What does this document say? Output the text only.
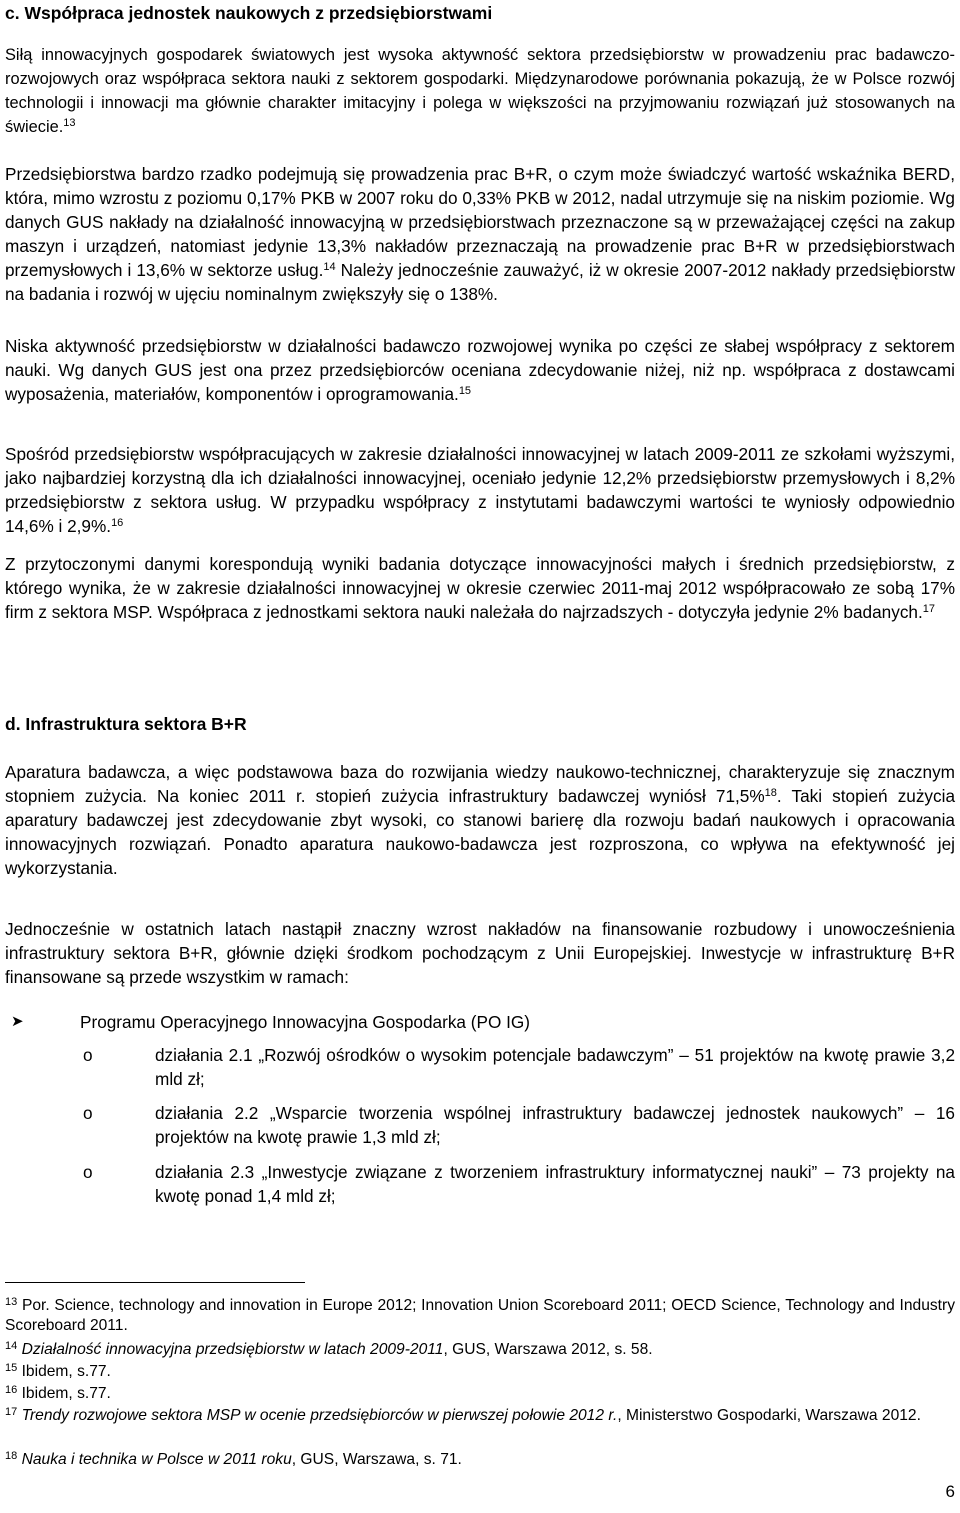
c. Współpraca jednostek naukowych z przedsiębiorstwami

Siłą innowacyjnych gospodarek światowych jest wysoka aktywność sektora przedsiębiorstw w prowadzeniu prac badawczo-rozwojowych oraz współpraca sektora nauki z sektorem gospodarki. Międzynarodowe porównania pokazują, że w Polsce rozwój technologii i innowacji ma głównie charakter imitacyjny i polega w większości na przyjmowaniu rozwiązań już stosowanych na świecie.$^{13}$

Przedsiębiorstwa bardzo rzadko podejmują się prowadzenia prac B+R, o czym może świadczyć wartość wskaźnika BERD, która, mimo wzrostu z poziomu 0,17% PKB w 2007 roku do 0,33% PKB w 2012, nadal utrzymuje się na niskim poziomie. Wg danych GUS nakłady na działalność innowacyjną w przedsiębiorstwach przeznaczone są w przeważającej części na zakup maszyn i urządzeń, natomiast jedynie 13,3% nakładów przeznaczają na prowadzenie prac B+R w przedsiębiorstwach przemysłowych i 13,6% w sektorze usług.$^{14}$ Należy jednocześnie zauważyć, iż w okresie 2007-2012 nakłady przedsiębiorstw na badania i rozwój w ujęciu nominalnym zwiększyły się o 138%.

Niska aktywność przedsiębiorstw w działalności badawczo rozwojowej wynika po części ze słabej współpracy z sektorem nauki. Wg danych GUS jest ona przez przedsiębiorców oceniana zdecydowanie niżej, niż np. współpraca z dostawcami wyposażenia, materiałów, komponentów i oprogramowania.$^{15}$

Spośród przedsiębiorstw współpracujących w zakresie działalności innowacyjnej w latach 2009-2011 ze szkołami wyższymi, jako najbardziej korzystną dla ich działalności innowacyjnej, oceniało jedynie 12,2% przedsiębiorstw przemysłowych i 8,2% przedsiębiorstw z sektora usług. W przypadku współpracy z instytutami badawczymi wartości te wyniosły odpowiednio 14,6% i 2,9%.$^{16}$

Z przytoczonymi danymi korespondują wyniki badania dotyczące innowacyjności małych i średnich przedsiębiorstw, z którego wynika, że w zakresie działalności innowacyjnej w okresie czerwiec 2011-maj 2012 współpracowało ze sobą 17% firm z sektora MSP. Współpraca z jednostkami sektora nauki należała do najrzadszych - dotyczyła jedynie 2% badanych.$^{17}$

d. Infrastruktura sektora B+R

Aparatura badawcza, a więc podstawowa baza do rozwijania wiedzy naukowo-technicznej, charakteryzuje się znacznym stopniem zużycia. Na koniec 2011 r. stopień zużycia infrastruktury badawczej wyniósł 71,5%$^{18}$. Taki stopień zużycia aparatury badawczej jest zdecydowanie zbyt wysoki, co stanowi barierę dla rozwoju badań naukowych i opracowania innowacyjnych rozwiązań. Ponadto aparatura naukowo-badawcza jest rozproszona, co wpływa na efektywność jej wykorzystania.

Jednocześnie w ostatnich latach nastąpił znaczny wzrost nakładów na finansowanie rozbudowy i unowocześnienia infrastruktury sektora B+R, głównie dzięki środkom pochodzącym z Unii Europejskiej. Inwestycje w infrastrukturę B+R finansowane są przede wszystkim w ramach:

➤	Programu Operacyjnego Innowacyjna Gospodarka (PO IG)
o	działania 2.1 „Rozwój ośrodków o wysokim potencjale badawczym” – 51 projektów na kwotę prawie 3,2 mld zł;

o	działania 2.2 „Wsparcie tworzenia wspólnej infrastruktury badawczej jednostek naukowych” – 16 projektów na kwotę prawie 1,3 mld zł;

o	działania 2.3 „Inwestycje związane z tworzeniem infrastruktury informatycznej nauki” – 73 projekty na kwotę ponad 1,4 mld zł;

$^{13}$ Por. Science, technology and innovation in Europe 2012; Innovation Union Scoreboard 2011; OECD Science, Technology and Industry Scoreboard 2011.

$^{14}$ Działalność innowacyjna przedsiębiorstw w latach 2009-2011, GUS, Warszawa 2012, s. 58.

$^{15}$ Ibidem, s.77.

$^{16}$ Ibidem, s.77.

$^{17}$ Trendy rozwojowe sektora MSP w ocenie przedsiębiorców w pierwszej połowie 2012 r., Ministerstwo Gospodarki, Warszawa 2012.

$^{18}$ Nauka i technika w Polsce w 2011 roku, GUS, Warszawa, s. 71.

6
